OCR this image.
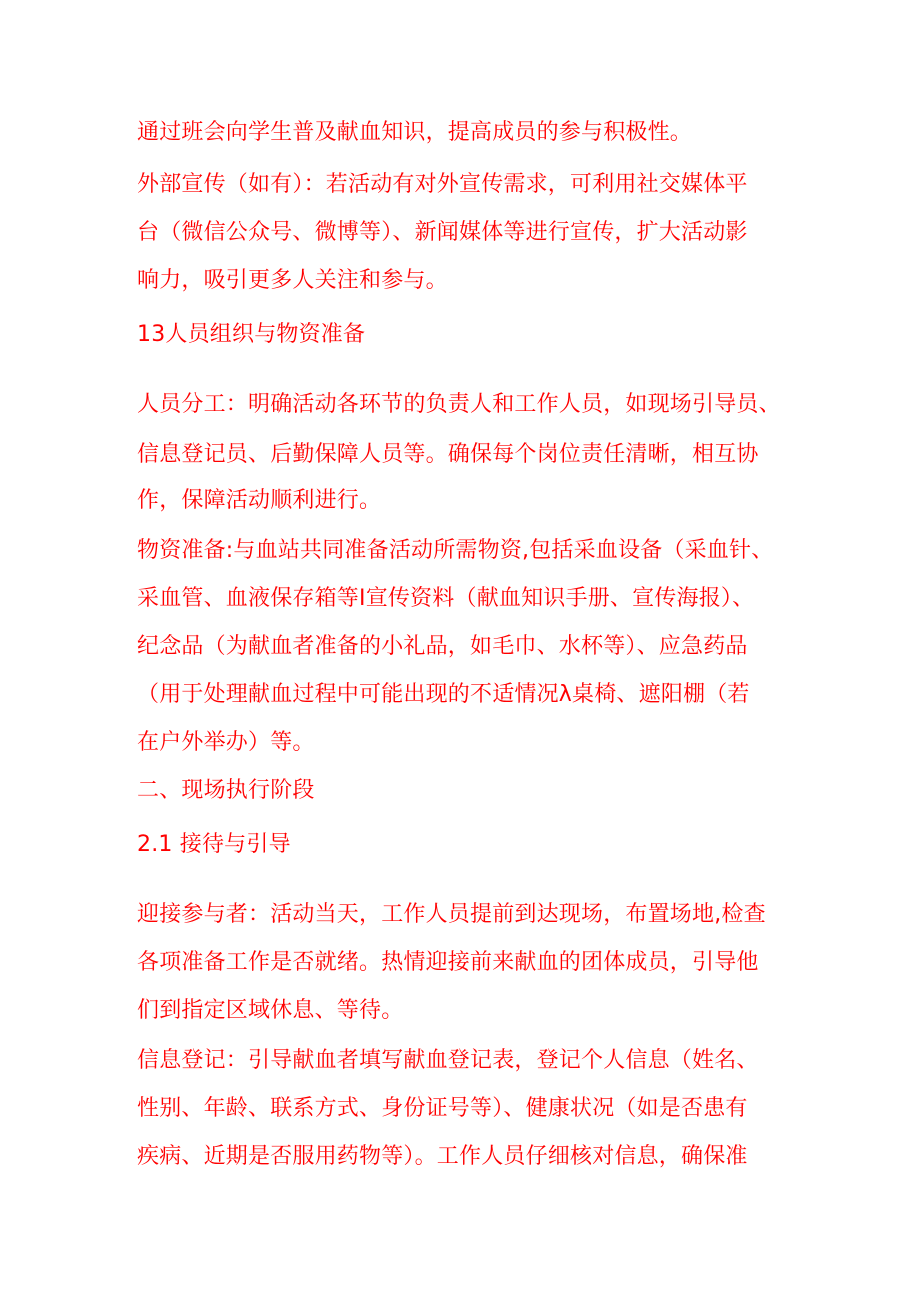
通过班会向学生普及献血知识，提高成员的参与积极性。
外部宣传（如有）：若活动有对外宣传需求，可利用社交媒体平
台（微信公众号、微博等）、新闻媒体等进行宣传，扩大活动影
响力，吸引更多人关注和参与。
13人员组织与物资准备
人员分工：明确活动各环节的负责人和工作人员，如现场引导员、
信息登记员、后勤保障人员等。确保每个岗位责任清晰，相互协
作，保障活动顺利进行。
物资准备:与血站共同准备活动所需物资,包括采血设备（采血针、
采血管、血液保存箱等I宣传资料（献血知识手册、宣传海报）、
纪念品（为献血者准备的小礼品，如毛巾、水杯等）、应急药品
（用于处理献血过程中可能出现的不适情况λ桌椅、遮阳棚（若
在户外举办）等。
二、现场执行阶段
2.1 接待与引导
迎接参与者：活动当天，工作人员提前到达现场，布置场地,检查
各项准备工作是否就绪。热情迎接前来献血的团体成员，引导他
们到指定区域休息、等待。
信息登记：引导献血者填写献血登记表，登记个人信息（姓名、
性别、年龄、联系方式、身份证号等）、健康状况（如是否患有
疾病、近期是否服用药物等）。工作人员仔细核对信息，确保准
